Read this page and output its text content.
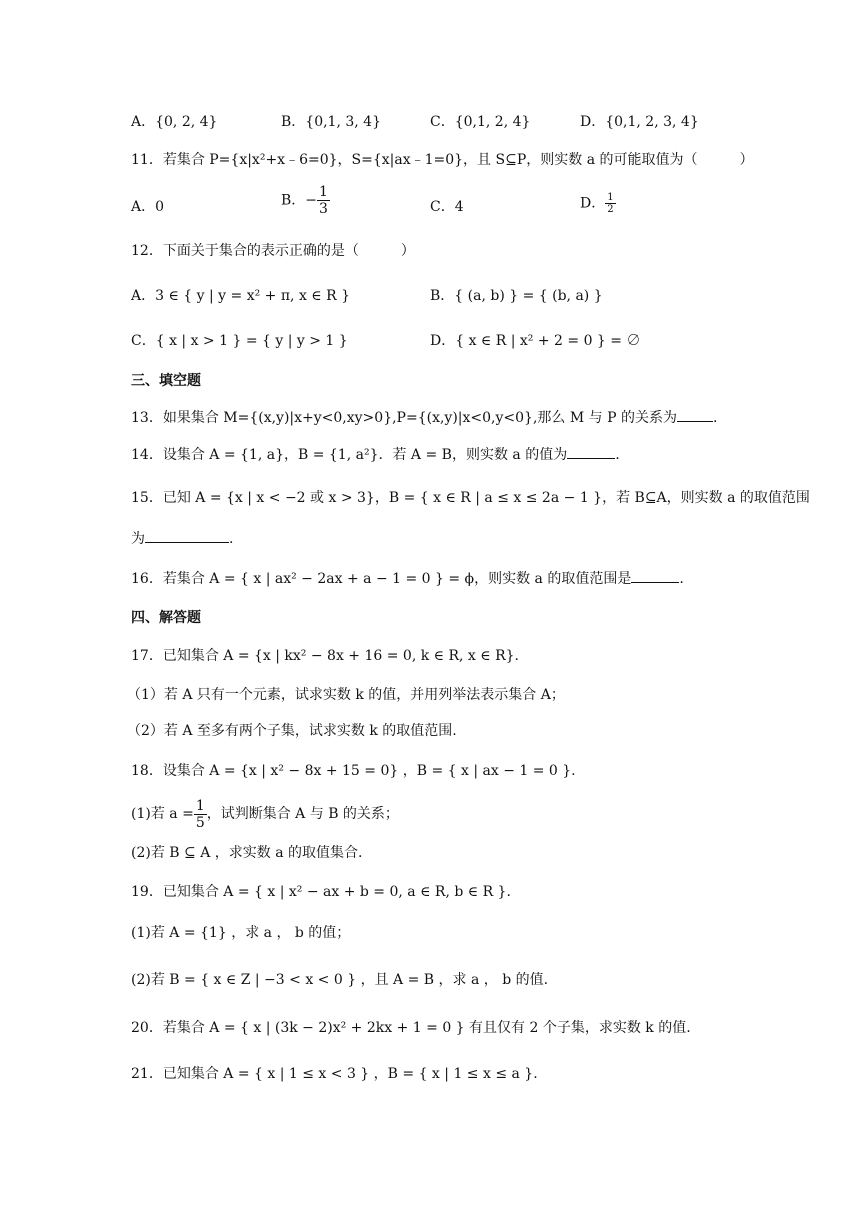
A．{0, 2, 4}	B．{0,1, 3, 4}	C．{0,1, 2, 4}	D．{0,1, 2, 3, 4}
11．若集合 P={x|x²+x﹣6=0}，S={x|ax﹣1=0}，且 S⊆P，则实数 a 的可能取值为（　　　）
A．0	B．− $\frac{1}{3}$	C．4	D． $\frac{1}{2}$
12．下面关于集合的表示正确的是（　　　）
A．3 ∈ { y | y = x² + π, x ∈ R }	B．{ (a, b) } = { (b, a) }
C．{ x | x > 1 } = { y | y > 1 }	D．{ x ∈ R | x² + 2 = 0 } = ∅
三、填空题
13．如果集合 M={(x,y)|x+y<0,xy>0},P={(x,y)|x<0,y<0},那么 M 与 P 的关系为	.
14．设集合 A = {1, a}，B = {1, a²}．若 A = B，则实数 a 的值为	.
15．已知 A = {x | x < −2 或 x > 3}，B = { x ∈ R | a ≤ x ≤ 2a − 1 }，若 B⊆A，则实数 a 的取值范围
为	.
16．若集合 A = { x | ax² − 2ax + a − 1 = 0 } = ϕ，则实数 a 的取值范围是	.
四、解答题
17．已知集合 A = {x | kx² − 8x + 16 = 0, k ∈ R, x ∈ R}.
（1）若 A 只有一个元素，试求实数 k 的值，并用列举法表示集合 A；
（2）若 A 至多有两个子集，试求实数 k 的取值范围.
18．设集合 A = {x | x² − 8x + 15 = 0} ，B = { x | ax − 1 = 0 }.
(1)若 $a = \frac{1}{5}$ ，试判断集合 A 与 B 的关系；
(2)若 B ⊆ A ，求实数 a 的取值集合.
19．已知集合 A = { x | x² − ax + b = 0, a ∈ R, b ∈ R }.
(1)若 A = {1} ，求 a ， b 的值；
(2)若 B = { x ∈ Z | −3 < x < 0 } ，且 A = B ，求 a ， b 的值.
20．若集合 A = { x | (3k − 2)x² + 2kx + 1 = 0 } 有且仅有 2 个子集，求实数 k 的值.
21．已知集合 A = { x | 1 ≤ x < 3 } ，B = { x | 1 ≤ x ≤ a }.
